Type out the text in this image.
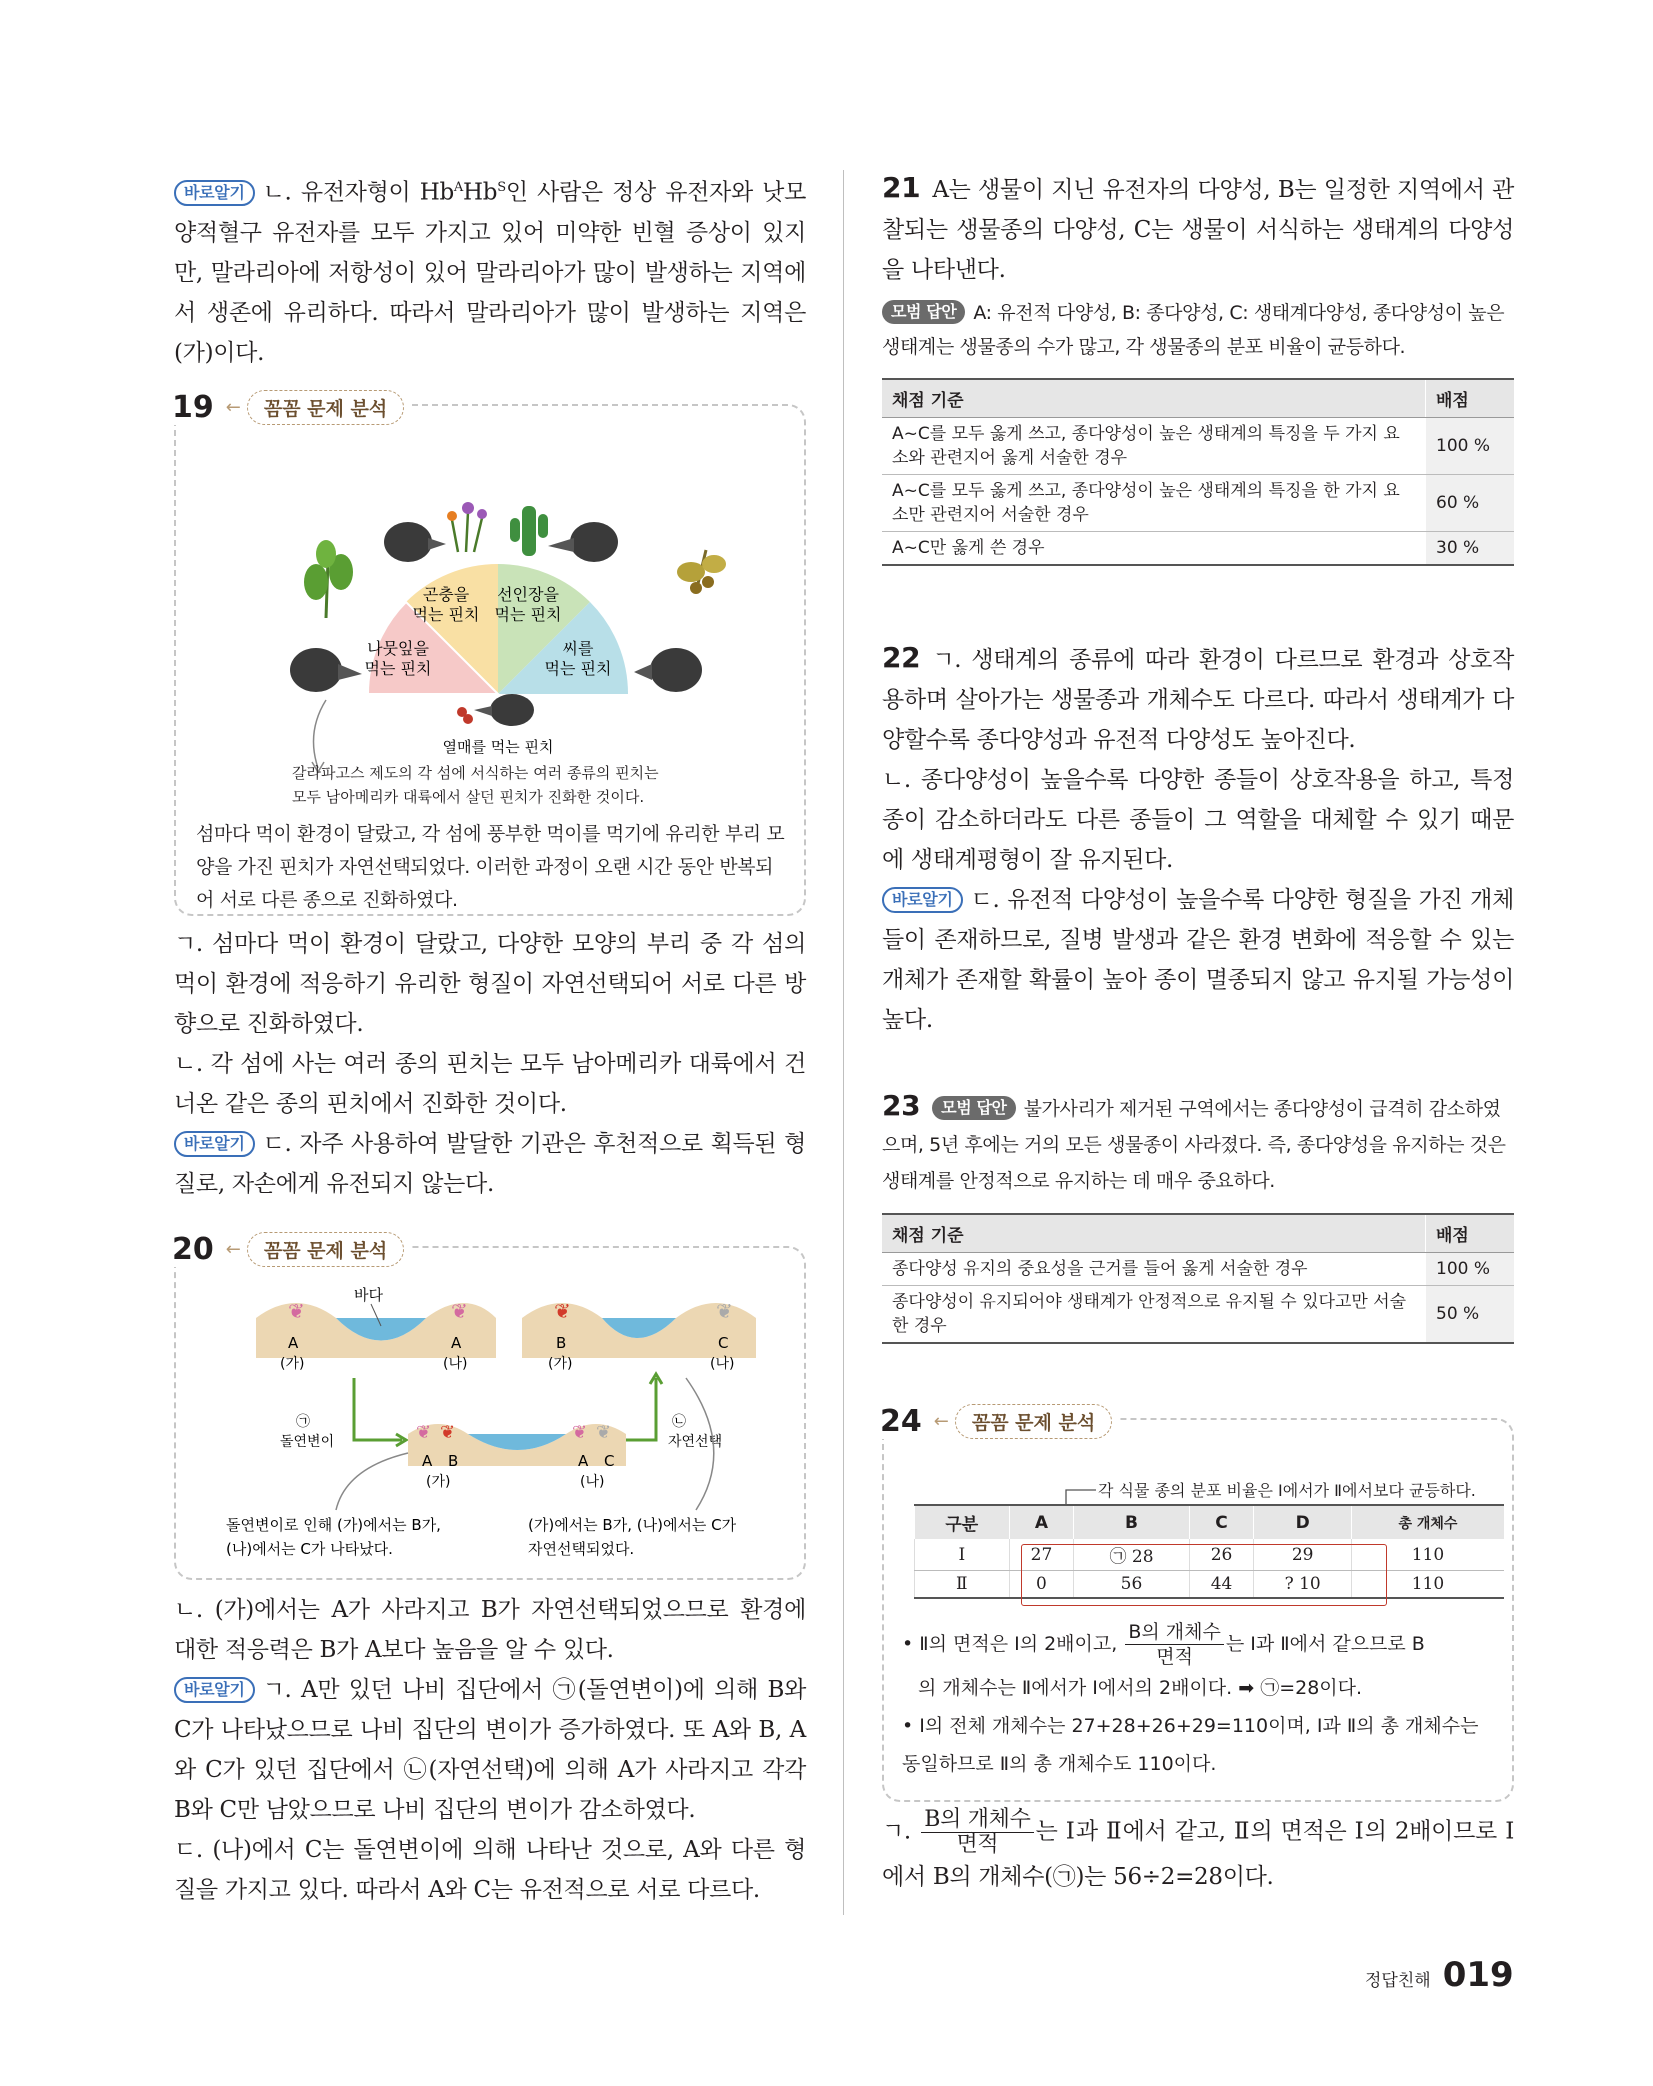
바로알기 ㄴ. 유전자형이 $Hb^AHb^S$인 사람은 정상 유전자와 낫모양적혈구 유전자를 모두 가지고 있어 미약한 빈혈 증상이 있지만, 말라리아에 저항성이 있어 말라리아가 많이 발생하는 지역에서 생존에 유리하다. 따라서 말라리아가 많이 발생하는 지역은 (가)이다.

19 ←	꼼꼼 문제 분석
곤충을
먹는 핀치
선인장을
먹는 핀치
나뭇잎을
먹는 핀치
씨를
먹는 핀치
열매를 먹는 핀치
갈라파고스 제도의 각 섬에 서식하는 여러 종류의 핀치는
모두 남아메리카 대륙에서 살던 핀치가 진화한 것이다.

섬마다 먹이 환경이 달랐고, 각 섬에 풍부한 먹이를 먹기에 유리한 부리 모양을 가진 핀치가 자연선택되었다. 이러한 과정이 오랜 시간 동안 반복되어 서로 다른 종으로 진화하였다.

ㄱ. 섬마다 먹이 환경이 달랐고, 다양한 모양의 부리 중 각 섬의 먹이 환경에 적응하기 유리한 형질이 자연선택되어 서로 다른 방향으로 진화하였다.

ㄴ. 각 섬에 사는 여러 종의 핀치는 모두 남아메리카 대륙에서 건너온 같은 종의 핀치에서 진화한 것이다.

바로알기 ㄷ. 자주 사용하여 발달한 기관은 후천적으로 획득된 형질로, 자손에게 유전되지 않는다.

20 ←	꼼꼼 문제 분석
바다
❦	❦	❦	❦
A
(가)
A
(나)
B
(가)
C
(나)
㉠
돌연변이
㉡
자연선택
❦ ❦	❦ ❦
A B	A C
(가)	(나)
돌연변이로 인해 (가)에서는 B가,
(나)에서는 C가 나타났다.
(가)에서는 B가, (나)에서는 C가
자연선택되었다.

ㄴ. (가)에서는 A가 사라지고 B가 자연선택되었으므로 환경에 대한 적응력은 B가 A보다 높음을 알 수 있다.

바로알기 ㄱ. A만 있던 나비 집단에서 ㉠(돌연변이)에 의해 B와 C가 나타났으므로 나비 집단의 변이가 증가하였다. 또 A와 B, A와 C가 있던 집단에서 ㉡(자연선택)에 의해 A가 사라지고 각각 B와 C만 남았으므로 나비 집단의 변이가 감소하였다.

ㄷ. (나)에서 C는 돌연변이에 의해 나타난 것으로, A와 다른 형질을 가지고 있다. 따라서 A와 C는 유전적으로 서로 다르다.

21 A는 생물이 지닌 유전자의 다양성, B는 일정한 지역에서 관찰되는 생물종의 다양성, C는 생물이 서식하는 생태계의 다양성을 나타낸다.

모범 답안 A: 유전적 다양성, B: 종다양성, C: 생태계다양성, 종다양성이 높은 생태계는 생물종의 수가 많고, 각 생물종의 분포 비율이 균등하다.

채점 기준	배점
A~C를 모두 옳게 쓰고, 종다양성이 높은 생태계의 특징을 두 가지 요소와 관련지어 옳게 서술한 경우	100 %
A~C를 모두 옳게 쓰고, 종다양성이 높은 생태계의 특징을 한 가지 요소만 관련지어 서술한 경우	60 %
A~C만 옳게 쓴 경우	30 %

22 ㄱ. 생태계의 종류에 따라 환경이 다르므로 환경과 상호작용하며 살아가는 생물종과 개체수도 다르다. 따라서 생태계가 다양할수록 종다양성과 유전적 다양성도 높아진다.

ㄴ. 종다양성이 높을수록 다양한 종들이 상호작용을 하고, 특정 종이 감소하더라도 다른 종들이 그 역할을 대체할 수 있기 때문에 생태계평형이 잘 유지된다.

바로알기 ㄷ. 유전적 다양성이 높을수록 다양한 형질을 가진 개체들이 존재하므로, 질병 발생과 같은 환경 변화에 적응할 수 있는 개체가 존재할 확률이 높아 종이 멸종되지 않고 유지될 가능성이 높다.

23 모범 답안 불가사리가 제거된 구역에서는 종다양성이 급격히 감소하였으며, 5년 후에는 거의 모든 생물종이 사라졌다. 즉, 종다양성을 유지하는 것은 생태계를 안정적으로 유지하는 데 매우 중요하다.

채점 기준	배점
종다양성 유지의 중요성을 근거를 들어 옳게 서술한 경우	100 %
종다양성이 유지되어야 생태계가 안정적으로 유지될 수 있다고만 서술한 경우	50 %
24 ←	꼼꼼 문제 분석
각 식물 종의 분포 비율은 Ⅰ에서가 Ⅱ에서보다 균등하다.
구분	A	B	C	D	총 개체수
Ⅰ	27	㉠ 28	26	29	110
Ⅱ	0	56	44	? 10	110

• Ⅱ의 면적은 Ⅰ의 2배이고, $\frac{\text{B의 개체수}}{\text{면적}}$ 는 Ⅰ과 Ⅱ에서 같으므로 B

의 개체수는 Ⅱ에서가 Ⅰ에서의 2배이다. ➡ ㉠=28이다.

• Ⅰ의 전체 개체수는 27+28+26+29=110이며, Ⅰ과 Ⅱ의 총 개체수는 동일하므로 Ⅱ의 총 개체수도 110이다.

ㄱ. $\frac{\text{B의 개체수}}{\text{면적}}$ 는 Ⅰ과 Ⅱ에서 같고, Ⅱ의 면적은 Ⅰ의 2배이므로 Ⅰ에서 B의 개체수(㉠)는 56÷2=28이다.

정답친해 019
